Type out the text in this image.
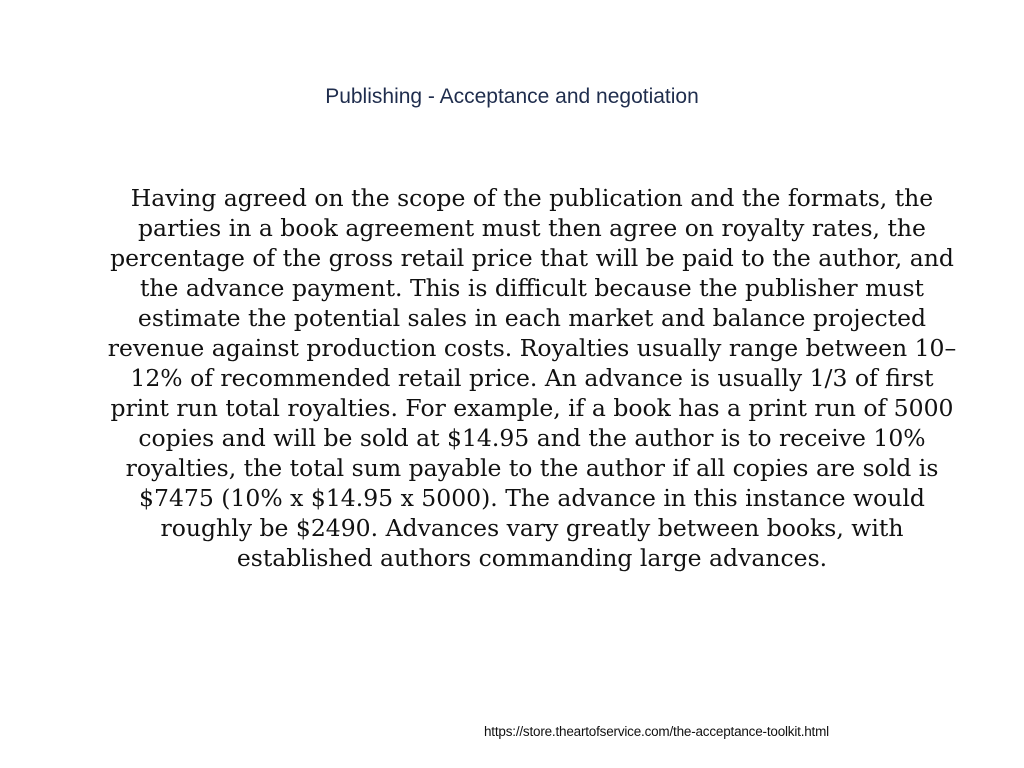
Publishing - Acceptance and negotiation
Having agreed on the scope of the publication and the formats, the parties in a book agreement must then agree on royalty rates, the percentage of the gross retail price that will be paid to the author, and the advance payment. This is difficult because the publisher must estimate the potential sales in each market and balance projected revenue against production costs. Royalties usually range between 10–12% of recommended retail price. An advance is usually 1/3 of first print run total royalties. For example, if a book has a print run of 5000 copies and will be sold at $14.95 and the author is to receive 10% royalties, the total sum payable to the author if all copies are sold is $7475 (10% x $14.95 x 5000). The advance in this instance would roughly be $2490. Advances vary greatly between books, with established authors commanding large advances.
https://store.theartofservice.com/the-acceptance-toolkit.html
